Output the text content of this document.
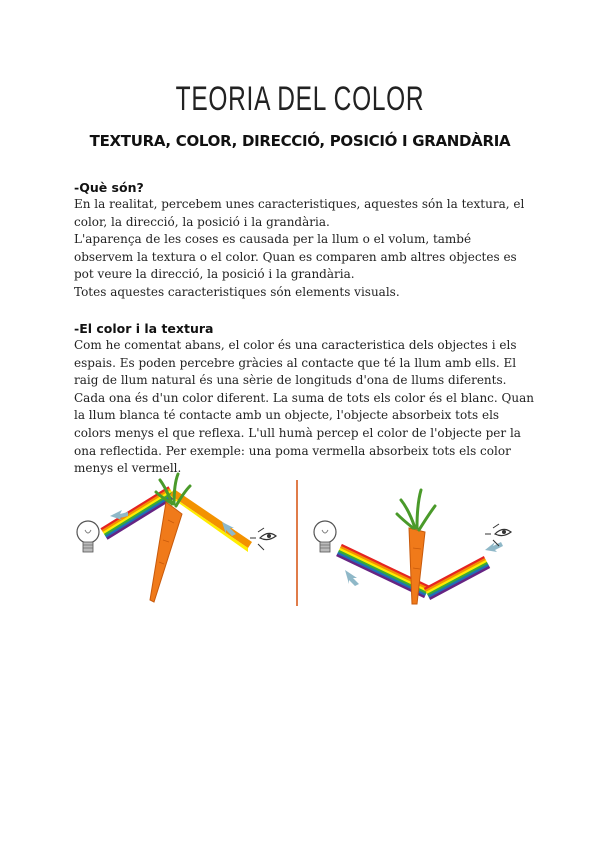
TEORIA DEL COLOR
TEXTURA, COLOR, DIRECCIÓ, POSICIÓ I GRANDÀRIA
-Què són?

En la realitat, percebem unes caracteristiques, aquestes són la textura, el color, la direcció, la posició i la grandària.

L'aparença de les coses es causada per la llum o el volum, també observem la textura o el color. Quan es comparen amb altres objectes es pot veure la direcció, la posició i la grandària.

Totes aquestes caracteristiques són elements visuals.

-El color i la textura

Com he comentat abans, el color és una caracteristica dels objectes i els espais. Es poden percebre gràcies al contacte que té la llum amb ells. El raig de llum natural és una sèrie de longituds d'ona de llums diferents. Cada ona és d'un color diferent. La suma de tots els color és el blanc. Quan la llum blanca té contacte amb un objecte, l'objecte absorbeix tots els colors menys el que reflexa. L'ull humà percep el color de l'objecte per la ona reflectida. Per exemple: una poma vermella absorbeix tots els color menys el vermell.
